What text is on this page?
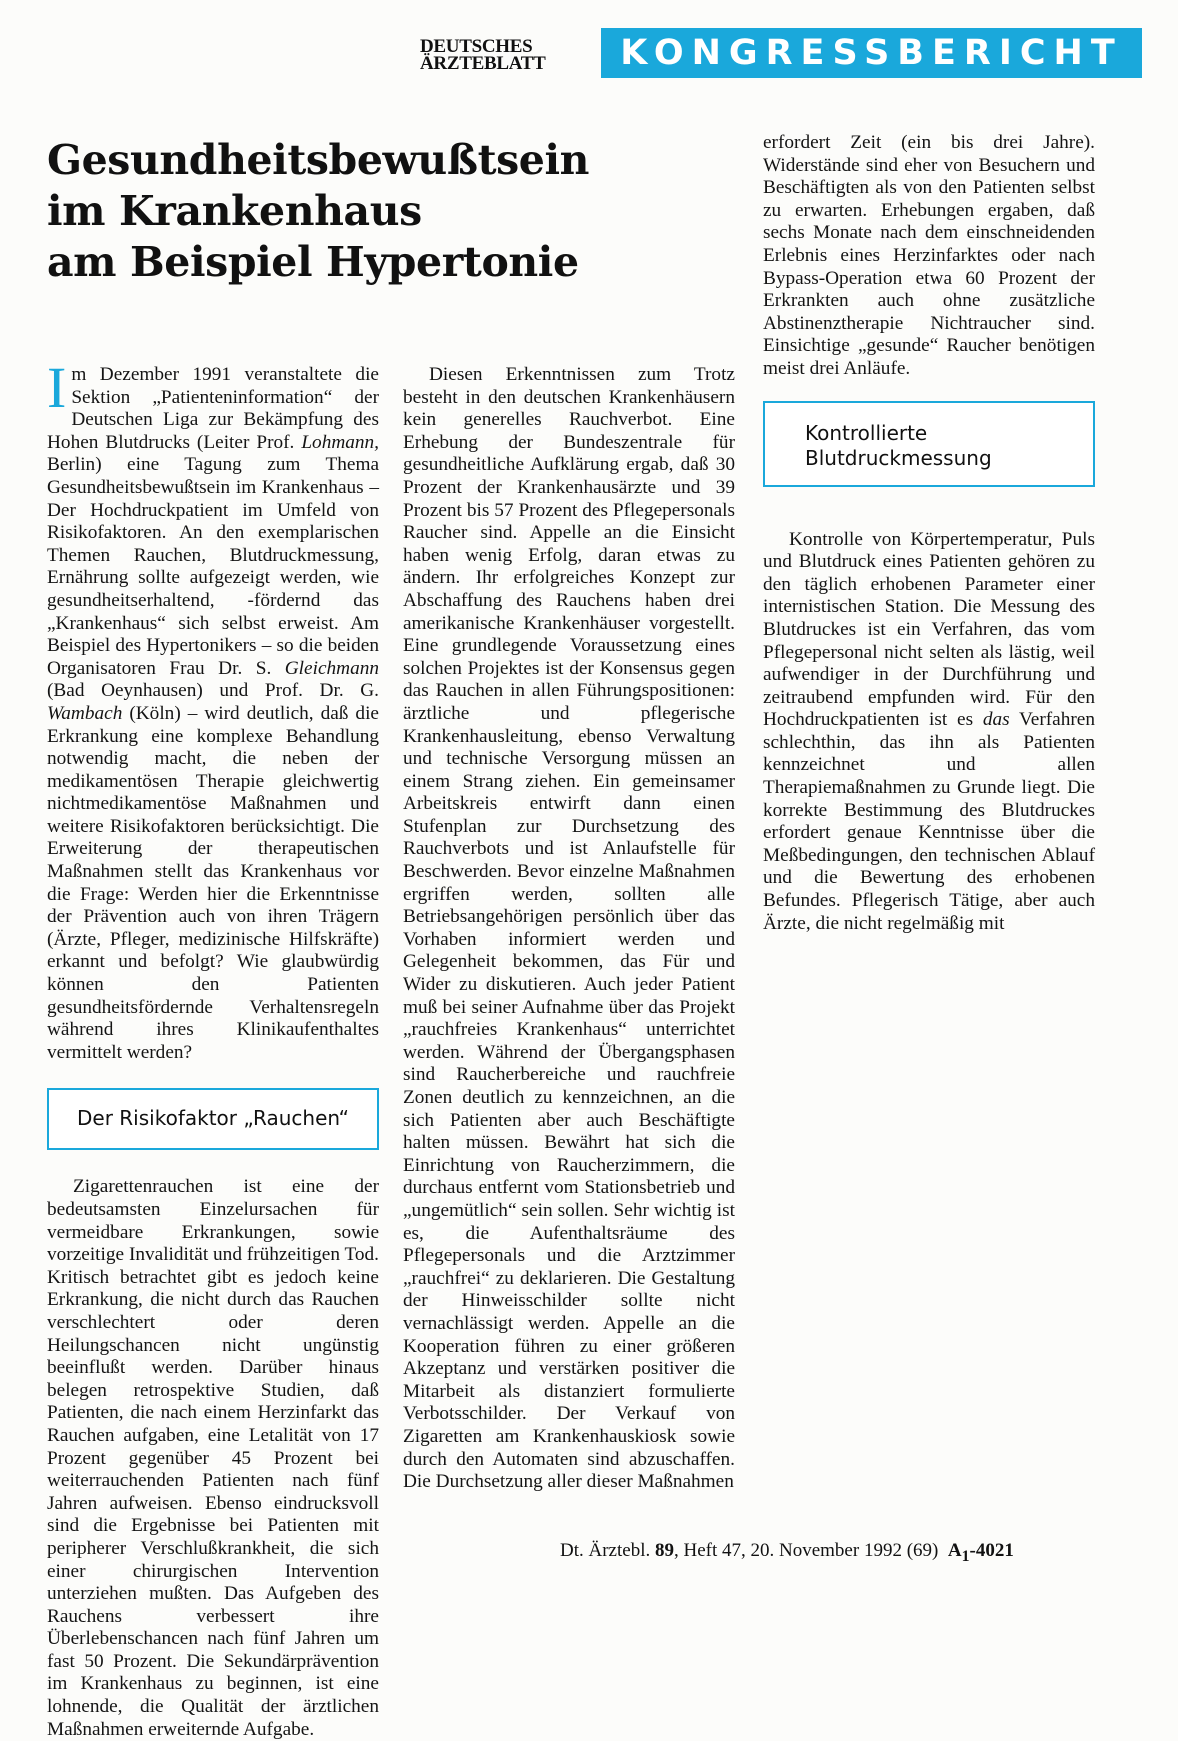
DEUTSCHES
ÄRZTEBLATT	KONGRESSBERICHT
Gesundheitsbewußtsein
im Krankenhaus
am Beispiel Hypertonie

Im Dezember 1991 veranstaltete die Sektion „Patienteninformation“ der Deutschen Liga zur Bekämpfung des Hohen Blutdrucks (Leiter Prof. Lohmann, Berlin) eine Tagung zum Thema Gesundheitsbewußtsein im Krankenhaus – Der Hochdruckpatient im Umfeld von Risikofaktoren. An den exemplarischen Themen Rauchen, Blutdruckmessung, Ernährung sollte aufgezeigt werden, wie gesundheitserhaltend, -fördernd das „Krankenhaus“ sich selbst erweist. Am Beispiel des Hypertonikers – so die beiden Organisatoren Frau Dr. S. Gleichmann (Bad Oeynhausen) und Prof. Dr. G. Wambach (Köln) – wird deutlich, daß die Erkrankung eine komplexe Behandlung notwendig macht, die neben der medikamentösen Therapie gleichwertig nichtmedikamentöse Maßnahmen und weitere Risikofaktoren berücksichtigt. Die Erweiterung der therapeutischen Maßnahmen stellt das Krankenhaus vor die Frage: Werden hier die Erkenntnisse der Prävention auch von ihren Trägern (Ärzte, Pfleger, medizinische Hilfskräfte) erkannt und befolgt? Wie glaubwürdig können den Patienten gesundheitsfördernde Verhaltensregeln während ihres Klinikaufenthaltes vermittelt werden?

Der Risikofaktor „Rauchen“

Zigarettenrauchen ist eine der bedeutsamsten Einzelursachen für vermeidbare Erkrankungen, sowie vorzeitige Invalidität und frühzeitigen Tod. Kritisch betrachtet gibt es jedoch keine Erkrankung, die nicht durch das Rauchen verschlechtert oder deren Heilungschancen nicht ungünstig beeinflußt werden. Darüber hinaus belegen retrospektive Studien, daß Patienten, die nach einem Herzinfarkt das Rauchen aufgaben, eine Letalität von 17 Prozent gegenüber 45 Prozent bei weiterrauchenden Patienten nach fünf Jahren aufweisen. Ebenso eindrucksvoll sind die Ergebnisse bei Patienten mit peripherer Verschlußkrankheit, die sich einer chirurgischen Intervention unterziehen mußten. Das Aufgeben des Rauchens verbessert ihre Überlebenschancen nach fünf Jahren um fast 50 Prozent. Die Sekundärprävention im Krankenhaus zu beginnen, ist eine lohnende, die Qualität der ärztlichen Maßnahmen erweiternde Aufgabe.

Diesen Erkenntnissen zum Trotz besteht in den deutschen Krankenhäusern kein generelles Rauchverbot. Eine Erhebung der Bundeszentrale für gesundheitliche Aufklärung ergab, daß 30 Prozent der Krankenhausärzte und 39 Prozent bis 57 Prozent des Pflegepersonals Raucher sind. Appelle an die Einsicht haben wenig Erfolg, daran etwas zu ändern. Ihr erfolgreiches Konzept zur Abschaffung des Rauchens haben drei amerikanische Krankenhäuser vorgestellt. Eine grundlegende Voraussetzung eines solchen Projektes ist der Konsensus gegen das Rauchen in allen Führungspositionen: ärztliche und pflegerische Krankenhausleitung, ebenso Verwaltung und technische Versorgung müssen an einem Strang ziehen. Ein gemeinsamer Arbeitskreis entwirft dann einen Stufenplan zur Durchsetzung des Rauchverbots und ist Anlaufstelle für Beschwerden. Bevor einzelne Maßnahmen ergriffen werden, sollten alle Betriebsangehörigen persönlich über das Vorhaben informiert werden und Gelegenheit bekommen, das Für und Wider zu diskutieren. Auch jeder Patient muß bei seiner Aufnahme über das Projekt „rauchfreies Krankenhaus“ unterrichtet werden. Während der Übergangsphasen sind Raucherbereiche und rauchfreie Zonen deutlich zu kennzeichnen, an die sich Patienten aber auch Beschäftigte halten müssen. Bewährt hat sich die Einrichtung von Raucherzimmern, die durchaus entfernt vom Stationsbetrieb und „ungemütlich“ sein sollen. Sehr wichtig ist es, die Aufenthaltsräume des Pflegepersonals und die Arztzimmer „rauchfrei“ zu deklarieren. Die Gestaltung der Hinweisschilder sollte nicht vernachlässigt werden. Appelle an die Kooperation führen zu einer größeren Akzeptanz und verstärken positiver die Mitarbeit als distanziert formulierte Verbotsschilder. Der Verkauf von Zigaretten am Krankenhauskiosk sowie durch den Automaten sind abzuschaffen. Die Durchsetzung aller dieser Maßnahmen

erfordert Zeit (ein bis drei Jahre). Widerstände sind eher von Besuchern und Beschäftigten als von den Patienten selbst zu erwarten. Erhebungen ergaben, daß sechs Monate nach dem einschneidenden Erlebnis eines Herzinfarktes oder nach Bypass-Operation etwa 60 Prozent der Erkrankten auch ohne zusätzliche Abstinenztherapie Nichtraucher sind. Einsichtige „gesunde“ Raucher benötigen meist drei Anläufe.

Kontrollierte
Blutdruckmessung

Kontrolle von Körpertemperatur, Puls und Blutdruck eines Patienten gehören zu den täglich erhobenen Parameter einer internistischen Station. Die Messung des Blutdruckes ist ein Verfahren, das vom Pflegepersonal nicht selten als lästig, weil aufwendiger in der Durchführung und zeitraubend empfunden wird. Für den Hochdruckpatienten ist es das Verfahren schlechthin, das ihn als Patienten kennzeichnet und allen Therapiemaßnahmen zu Grunde liegt. Die korrekte Bestimmung des Blutdruckes erfordert genaue Kenntnisse über die Meßbedingungen, den technischen Ablauf und die Bewertung des erhobenen Befundes. Pflegerisch Tätige, aber auch Ärzte, die nicht regelmäßig mit

Dt. Ärztebl. 89, Heft 47, 20. November 1992 (69) $A_1-4021$
